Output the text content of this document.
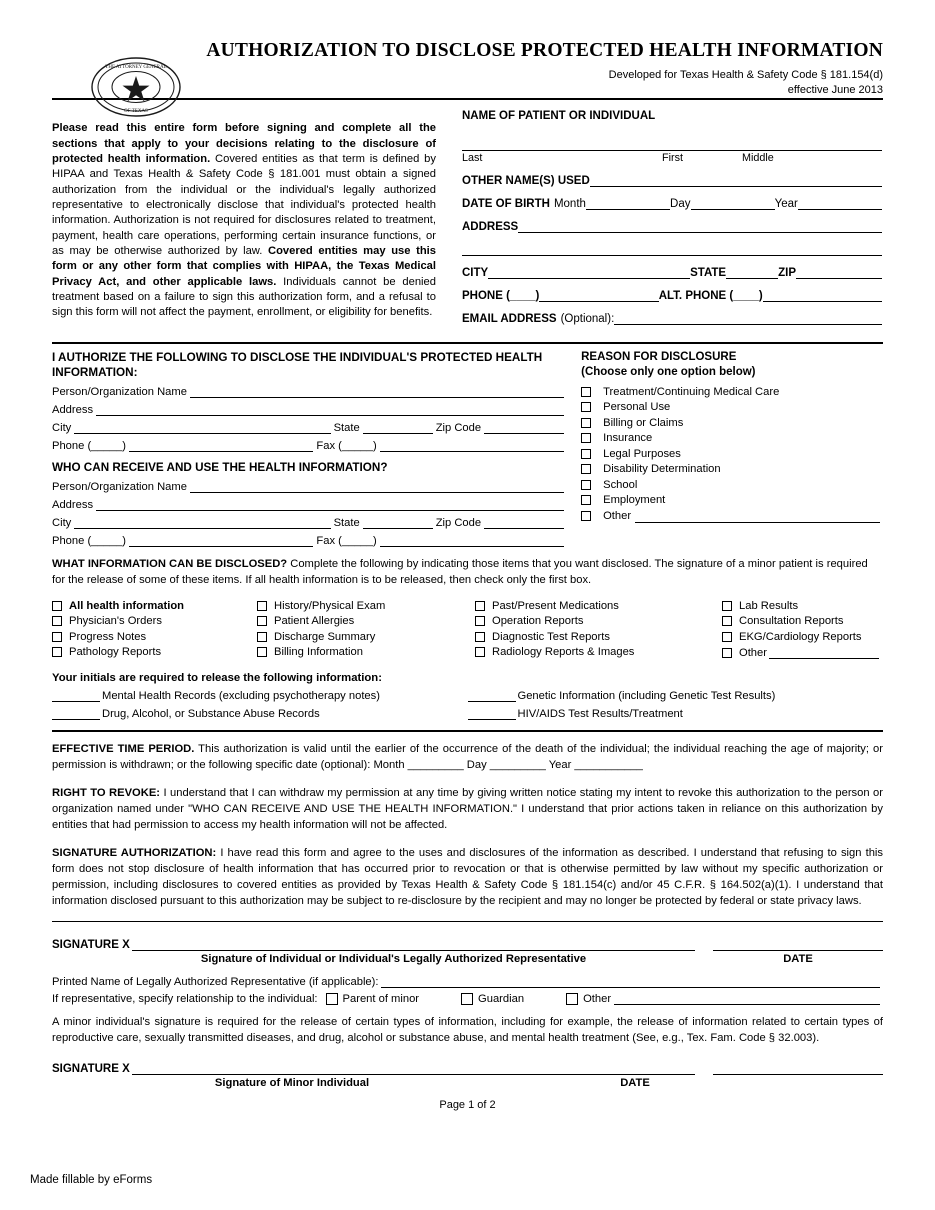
THE ATTORNEY GENERAL
OF TEXAS
AUTHORIZATION TO DISCLOSE PROTECTED HEALTH INFORMATION
Developed for Texas Health & Safety Code § 181.154(d)
effective June 2013

Please read this entire form before signing and complete all the sections that apply to your decisions relating to the disclosure of protected health information. Covered entities as that term is defined by HIPAA and Texas Health & Safety Code § 181.001 must obtain a signed authorization from the individual or the individual's legally authorized representative to electronically disclose that individual's protected health information. Authorization is not required for disclosures related to treatment, payment, health care operations, performing certain insurance functions, or as may be otherwise authorized by law. Covered entities may use this form or any other form that complies with HIPAA, the Texas Medical Privacy Act, and other applicable laws. Individuals cannot be denied treatment based on a failure to sign this authorization form, and a refusal to sign this form will not affect the payment, enrollment, or eligibility for benefits.

NAME OF PATIENT OR INDIVIDUAL
Last	First	Middle
OTHER NAME(S) USED
DATE OF BIRTH Month	Day	Year
ADDRESS
CITY	STATE	ZIP
PHONE (____)	ALT. PHONE (____)
EMAIL ADDRESS (Optional):
I AUTHORIZE THE FOLLOWING TO DISCLOSE THE INDIVIDUAL'S PROTECTED HEALTH
INFORMATION:
Person/Organization Name
Address
City	State	Zip Code
Phone (_____)	Fax (_____)
WHO CAN RECEIVE AND USE THE HEALTH INFORMATION?
Person/Organization Name
Address
City	State	Zip Code
Phone (_____)	Fax (_____)
REASON FOR DISCLOSURE
(Choose only one option below)
Treatment/Continuing Medical Care
Personal Use
Billing or Claims
Insurance
Legal Purposes
Disability Determination
School
Employment
Other

WHAT INFORMATION CAN BE DISCLOSED? Complete the following by indicating those items that you want disclosed. The signature of a minor patient is required for the release of some of these items. If all health information is to be released, then check only the first box.

All health information
Physician's Orders
Progress Notes
Pathology Reports
History/Physical Exam
Patient Allergies
Discharge Summary
Billing Information
Past/Present Medications
Operation Reports
Diagnostic Test Reports
Radiology Reports & Images
Lab Results
Consultation Reports
EKG/Cardiology Reports
Other
Your initials are required to release the following information:
Mental Health Records (excluding psychotherapy notes)	Genetic Information (including Genetic Test Results)
Drug, Alcohol, or Substance Abuse Records	HIV/AIDS Test Results/Treatment

EFFECTIVE TIME PERIOD. This authorization is valid until the earlier of the occurrence of the death of the individual; the individual reaching the age of majority; or permission is withdrawn; or the following specific date (optional): Month _________ Day _________ Year ___________

RIGHT TO REVOKE: I understand that I can withdraw my permission at any time by giving written notice stating my intent to revoke this authorization to the person or organization named under "WHO CAN RECEIVE AND USE THE HEALTH INFORMATION." I understand that prior actions taken in reliance on this authorization by entities that had permission to access my health information will not be affected.

SIGNATURE AUTHORIZATION: I have read this form and agree to the uses and disclosures of the information as described. I understand that refusing to sign this form does not stop disclosure of health information that has occurred prior to revocation or that is otherwise permitted by law without my specific authorization or permission, including disclosures to covered entities as provided by Texas Health & Safety Code § 181.154(c) and/or 45 C.F.R. § 164.502(a)(1). I understand that information disclosed pursuant to this authorization may be subject to re-disclosure by the recipient and may no longer be protected by federal or state privacy laws.

SIGNATURE X
Signature of Individual or Individual's Legally Authorized Representative	DATE
Printed Name of Legally Authorized Representative (if applicable):
If representative, specify relationship to the individual: Parent of minor	Guardian	Other

A minor individual's signature is required for the release of certain types of information, including for example, the release of information related to certain types of reproductive care, sexually transmitted diseases, and drug, alcohol or substance abuse, and mental health treatment (See, e.g., Tex. Fam. Code § 32.003).

SIGNATURE X
Signature of Minor Individual	DATE
Page 1 of 2
Made fillable by eForms
